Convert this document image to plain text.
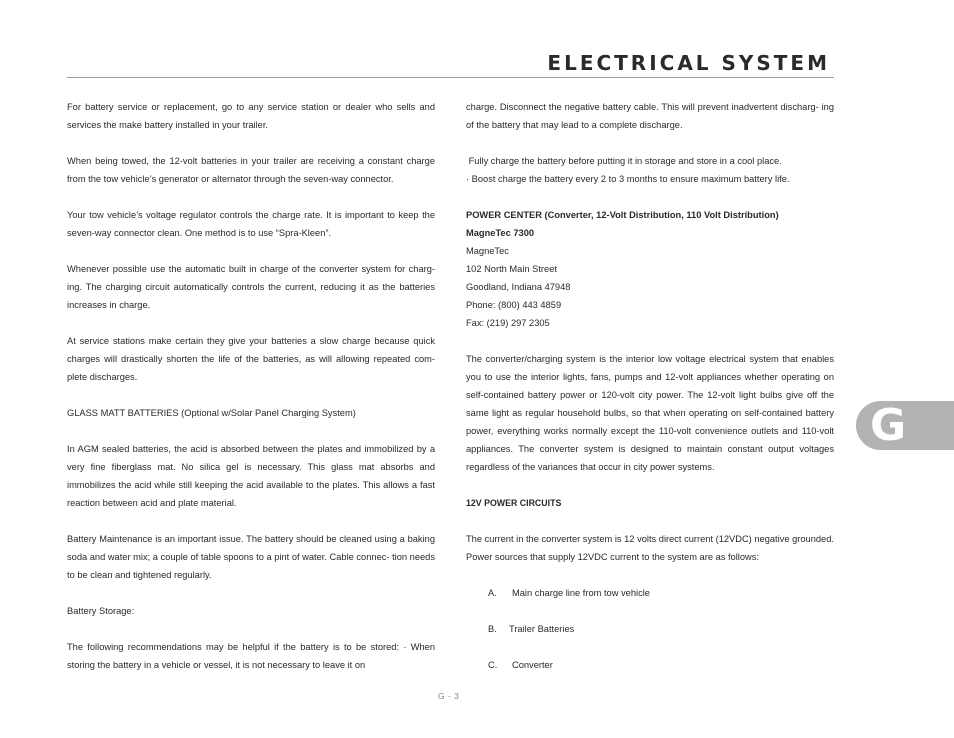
ELECTRICAL SYSTEM

For battery service or replacement, go to any service station or dealer who sells and services the make battery installed in your trailer.

When being towed, the 12-volt batteries in your trailer are receiving a constant charge from the tow vehicle’s generator or alternator through the seven-way connector.

Your tow vehicle’s voltage regulator controls the charge rate. It is important to keep the seven-way connector clean. One method is to use “Spra-Kleen”.

Whenever possible use the automatic built in charge of the converter system for charg- ing. The charging circuit automatically controls the current, reducing it as the batteries increases in charge.

At service stations make certain they give your batteries a slow charge because quick charges will drastically shorten the life of the batteries, as will allowing repeated com- plete discharges.

GLASS MATT BATTERIES (Optional w/Solar Panel Charging System)

In AGM sealed batteries, the acid is absorbed between the plates and immobilized by a very fine fiberglass mat. No silica gel is necessary. This glass mat absorbs and immobilizes the acid while still keeping the acid available to the plates. This allows a fast reaction between acid and plate material.

Battery Maintenance is an important issue. The battery should be cleaned using a baking soda and water mix; a couple of table spoons to a pint of water. Cable connec- tion needs to be clean and tightened regularly.

Battery Storage:

The following recommendations may be helpful if the battery is to be stored: · When storing the battery in a vehicle or vessel, it is not necessary to leave it on

charge. Disconnect the negative battery cable. This will prevent inadvertent discharg- ing of the battery that may lead to a complete discharge.

Fully charge the battery before putting it in storage and store in a cool place.
· Boost charge the battery every 2 to 3 months to ensure maximum battery life.

POWER CENTER (Converter, 12-Volt Distribution, 110 Volt Distribution)

MagneTec 7300

MagneTec
102 North Main Street
Goodland, Indiana 47948
Phone: (800) 443 4859
Fax: (219) 297 2305

The converter/charging system is the interior low voltage electrical system that enables you to use the interior lights, fans, pumps and 12-volt appliances whether operating on self-contained battery power or 120-volt city power. The 12-volt light bulbs give off the same light as regular household bulbs, so that when operating on self-contained battery power, everything works normally except the 110-volt convenience outlets and 110-volt appliances. The converter system is designed to maintain constant output voltages regardless of the variances that occur in city power systems.

12V POWER CIRCUITS

The current in the converter system is 12 volts direct current (12VDC) negative grounded. Power sources that supply 12VDC current to the system are as follows:

A.	Main charge line from tow vehicle
B.	Trailer Batteries
C.	Converter
G
G - 3
